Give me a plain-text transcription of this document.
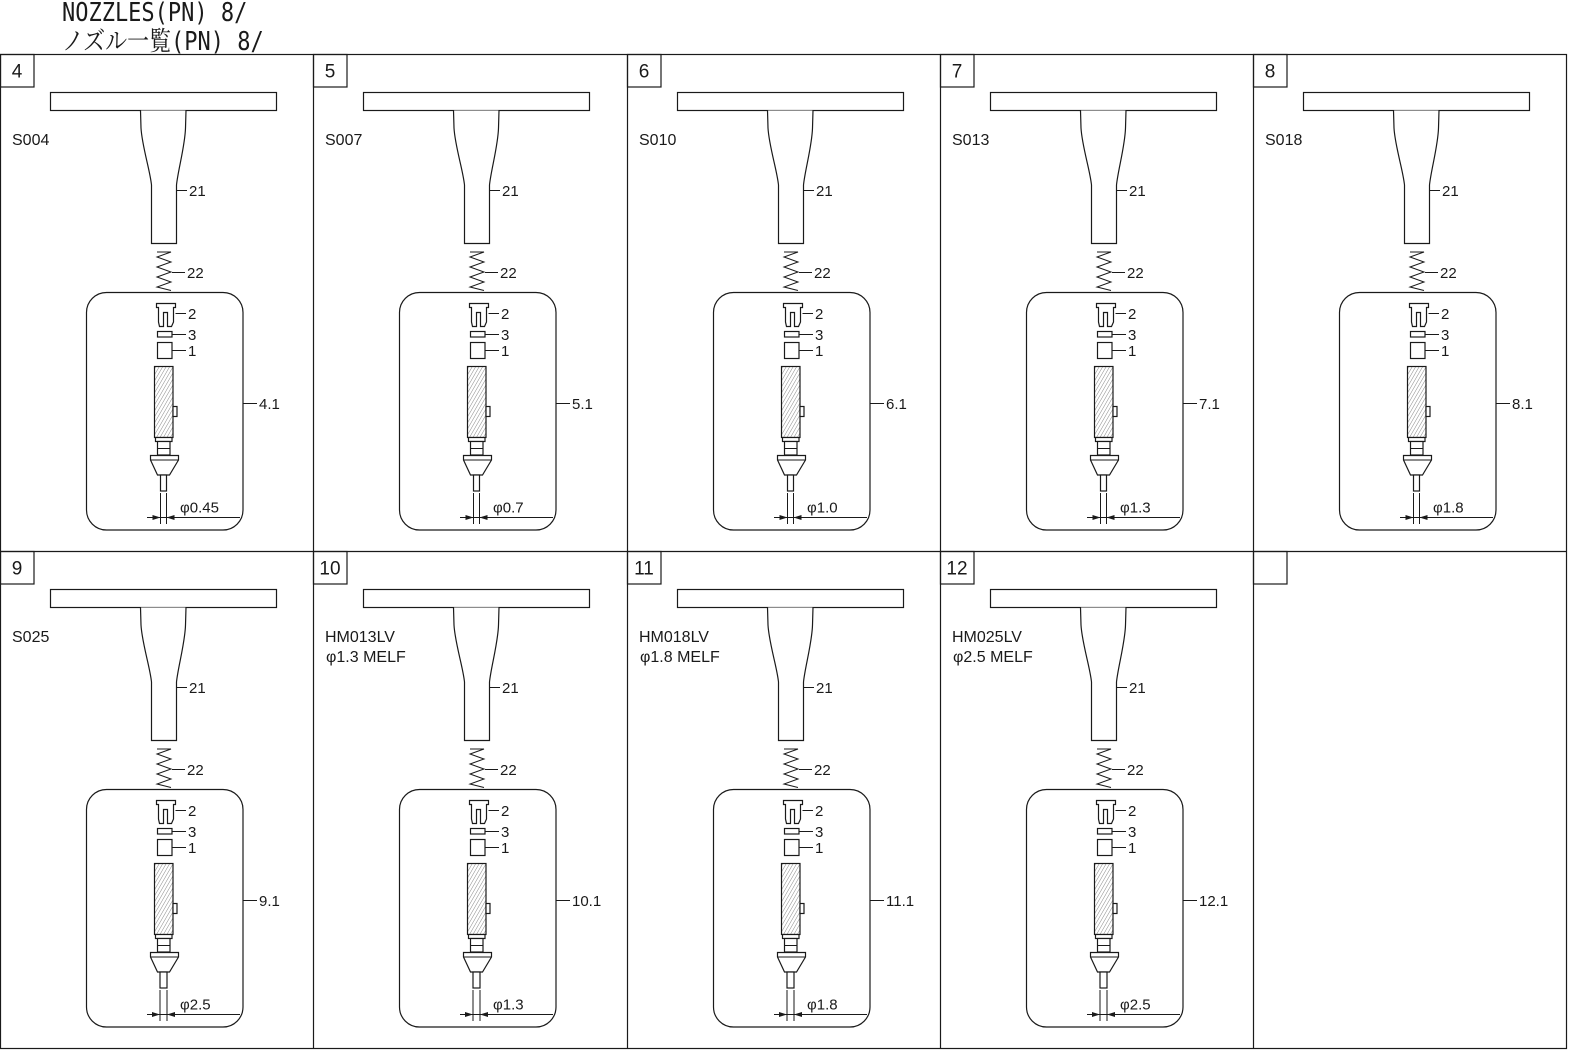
NOZZLES(PN) 8/
ノズル一覧(PN) 8/
4
S004
21
22
2
3
1
φ0.45
4.1
5
S007
21
22
2
3
1
φ0.7
5.1
6
S010
21
22
2
3
1
φ1.0
6.1
7
S013
21
22
2
3
1
φ1.3
7.1
8
S018
21
22
2
3
1
φ1.8
8.1
9
S025
21
22
2
3
1
φ2.5
9.1
10
HM013LV
φ1.3 MELF
21
22
2
3
1
φ1.3
10.1
11
HM018LV
φ1.8 MELF
21
22
2
3
1
φ1.8
11.1
12
HM025LV
φ2.5 MELF
21
22
2
3
1
φ2.5
12.1
